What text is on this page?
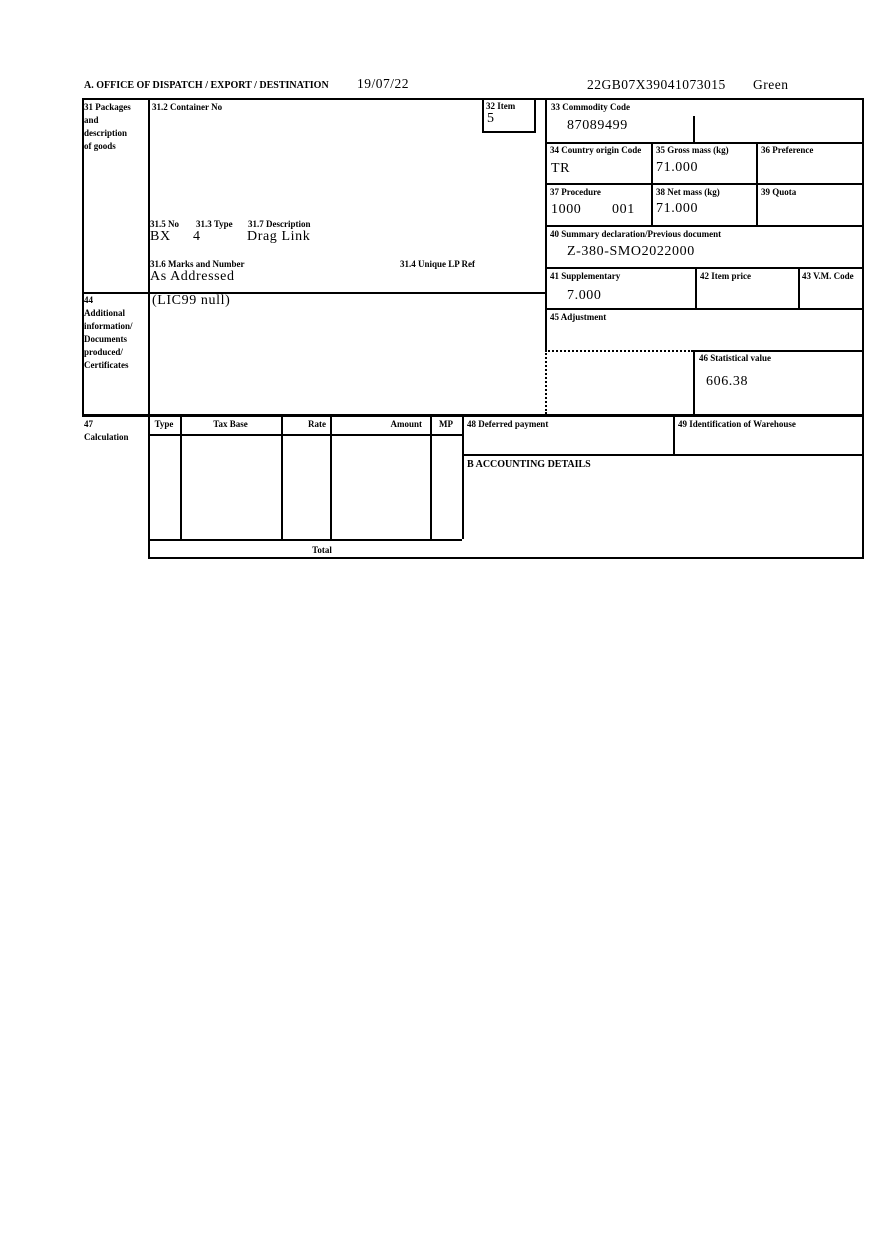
A. OFFICE OF DISPATCH / EXPORT / DESTINATION 19/07/22	22GB07X39041073015 Green
31 Packages
and
description
of goods
31.2 Container No
31.5 No 31.3 Type 31.7 Description
BX 4	Drag Link
31.6 Marks and Number	31.4 Unique LP Ref
As Addressed
32 Item
5
33 Commodity Code
87089499
34 Country origin Code
TR
35 Gross mass (kg)
71.000
36 Preference
37 Procedure
1000 001
38 Net mass (kg)
71.000
39 Quota
40 Summary declaration/Previous document
Z-380-SMO2022000
41 Supplementary
7.000
42 Item price	43 V.M. Code
44
Additional
information/
Documents
produced/
Certificates
(LIC99 null)
45 Adjustment
46 Statistical value
606.38
47
Calculation
Type	Tax Base	Rate	Amount	MP
Total
48 Deferred payment	49 Identification of Warehouse
B ACCOUNTING DETAILS
